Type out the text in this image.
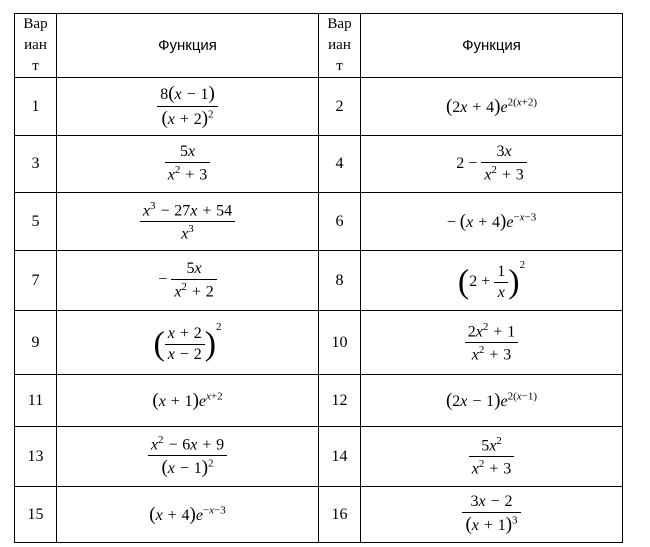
Вар
иан
т	Функция	Вар
иан
т	Функция
1	$\frac{8(x - 1)}{(x + 2)^2}$	2	$(2x + 4)e^{2(x+2)}$
3	$\frac{5x}{x^2 + 3}$	4	$2 - \frac{3x}{x^2 + 3}$

5	$\frac{x^3 - 27x + 54}{x^3}$	6	− $(x + 4)e^{-x-3}$
7	− $\frac{5x}{x^2 + 2}$	8	$(2 + \frac{1}{x} )^2$
9	( $\frac{x + 2}{x - 2} )^2$	10	$\frac{2x^2 + 1}{x^2 + 3}$

11	$(x + 1)e^{x+2}$	12	$(2x - 1)e^{2(x-1)}$
13	$\frac{x^2 - 6x + 9}{(x - 1)^2}$	14	$\frac{5x^2}{x^2 + 3}$

15	$(x + 4)e^{-x-3}$	16	$\frac{3x - 2}{(x + 1)^3}$
